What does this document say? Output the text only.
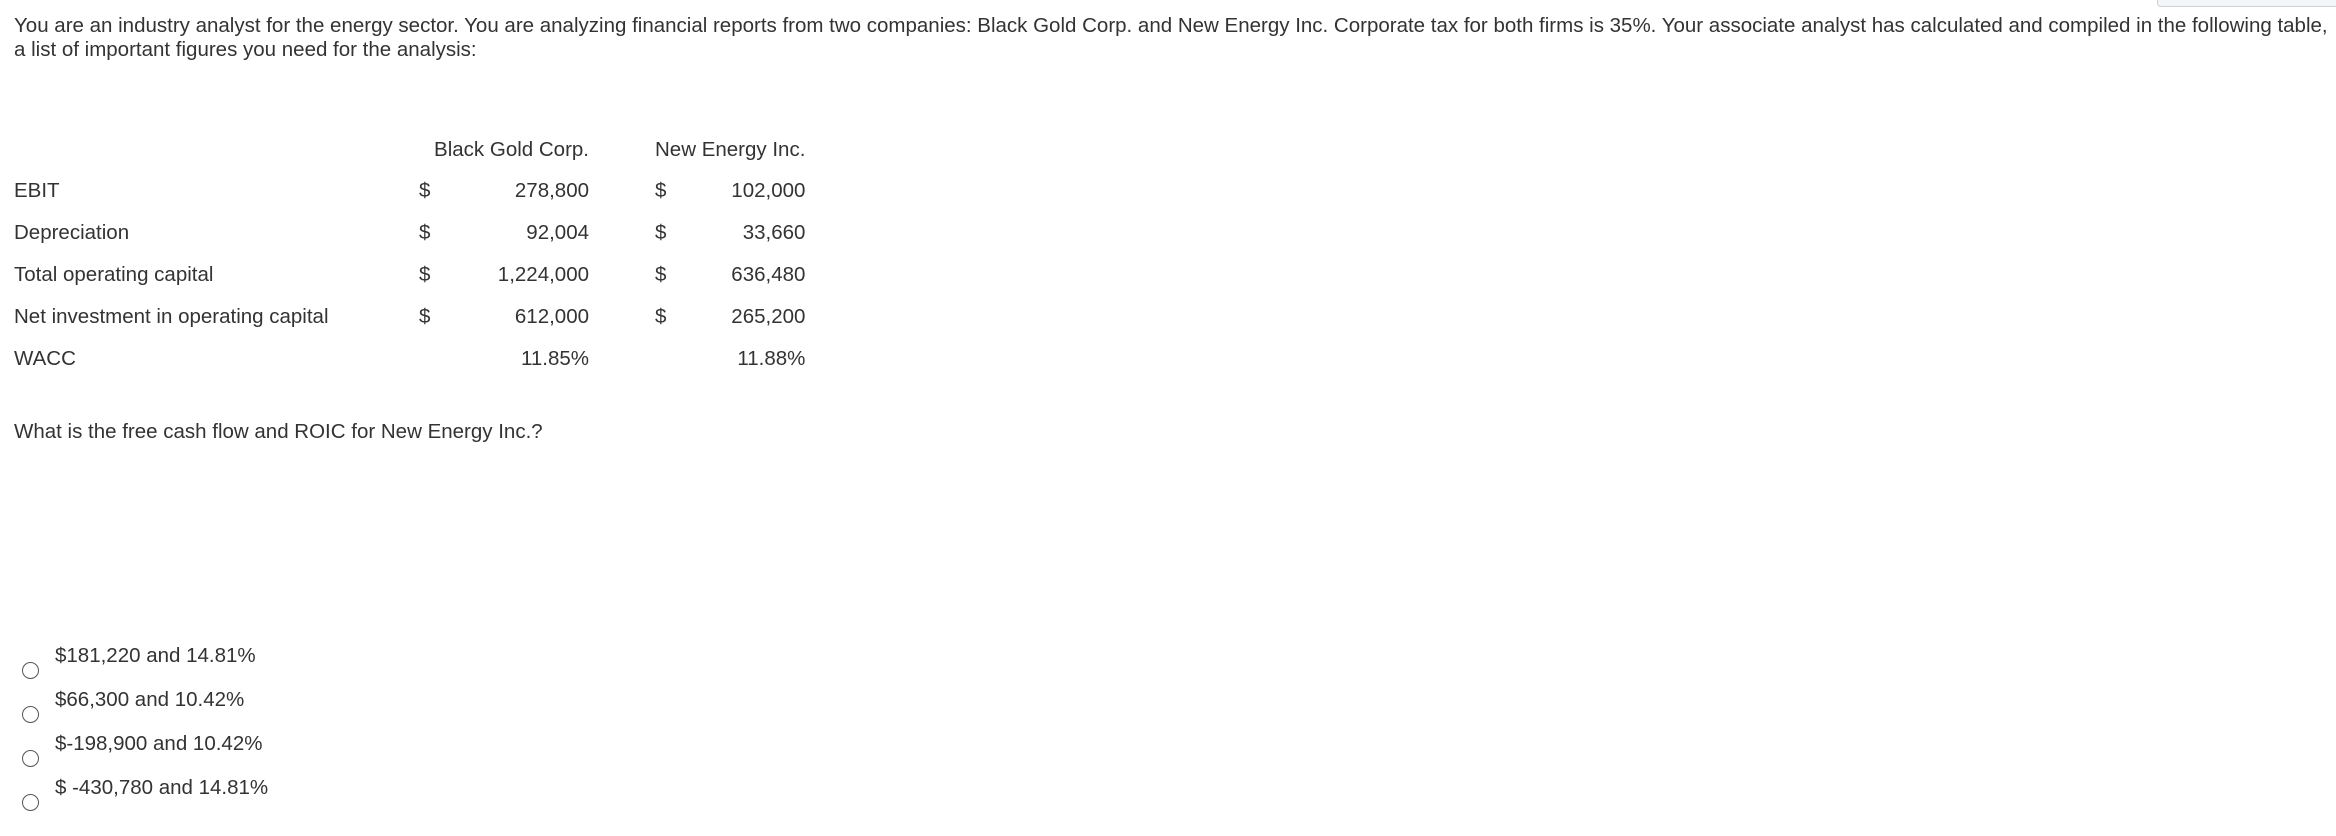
You are an industry analyst for the energy sector. You are analyzing financial reports from two companies: Black Gold Corp. and New Energy Inc. Corporate tax for both firms is 35%. Your associate analyst has calculated and compiled in the following table, a list of important figures you need for the analysis:
	Black Gold Corp.			New Energy Inc.	
EBIT	$	278,800		$	102,000
Depreciation	$	92,004		$	33,660
Total operating capital	$	1,224,000		$	636,480
Net investment in operating capital	$	612,000		$	265,200
WACC		11.85%			11.88%
What is the free cash flow and ROIC for New Energy Inc.?
$181,220 and 14.81%
$66,300 and 10.42%
$-198,900 and 10.42%
$ -430,780 and 14.81%
